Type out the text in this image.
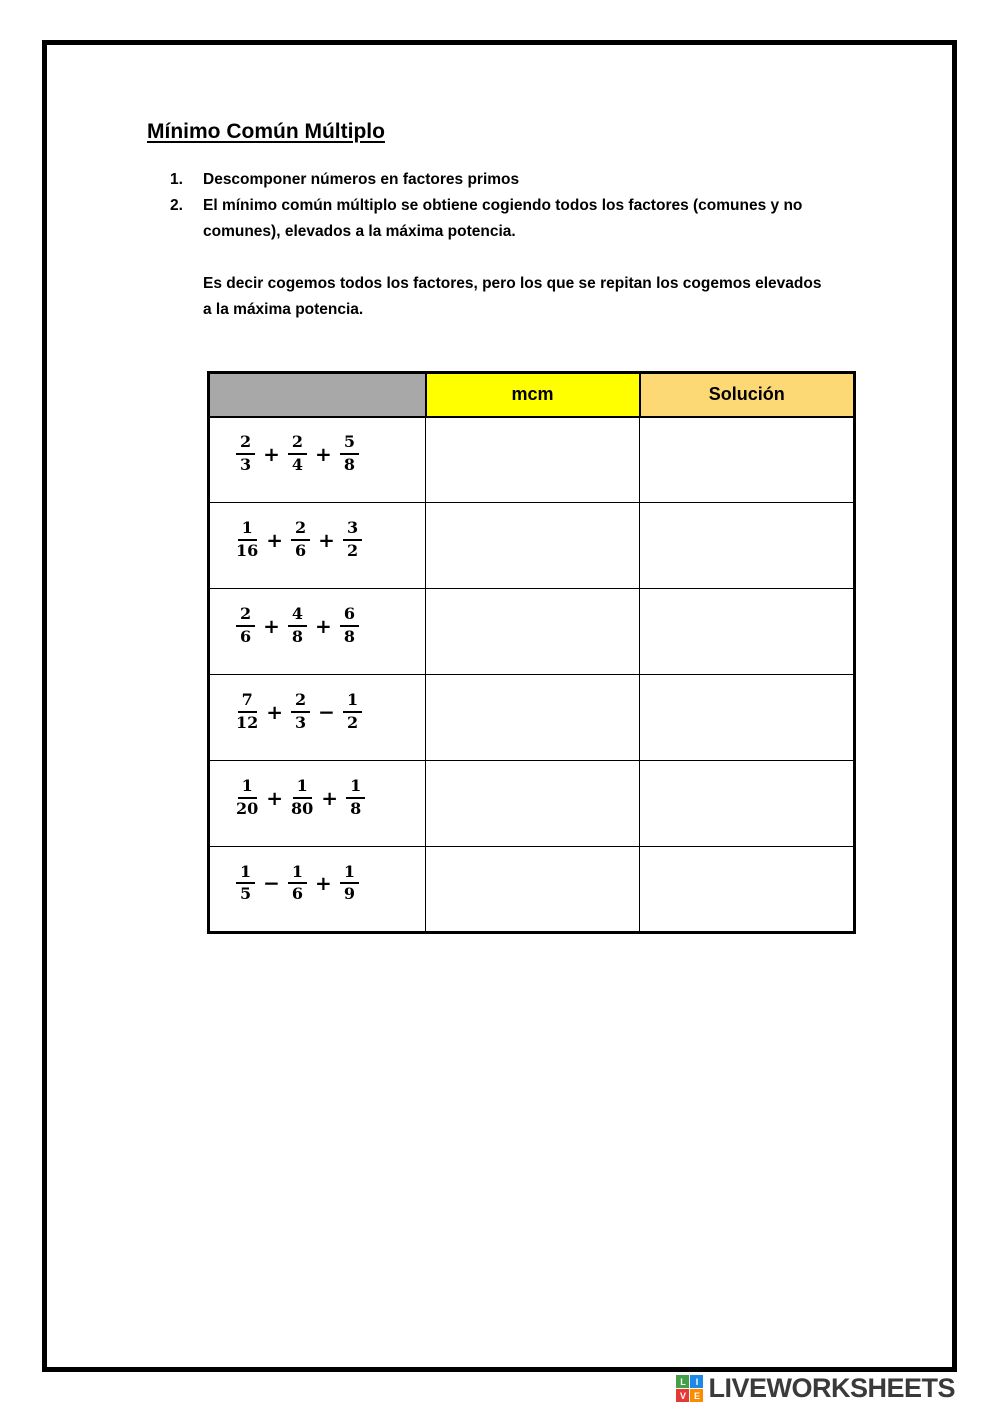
Mínimo Común Múltiplo
1.	Descomponer números en factores primos
2.	El mínimo común múltiplo se obtiene cogiendo todos los factores (comunes y no comunes), elevados a la máxima potencia.

Es decir cogemos todos los factores, pero los que se repitan los cogemos elevados a la máxima potencia.

	mcm	Solución

$\frac{2}{3} + \frac{2}{4} + \frac{5}{8}$

$\frac{1}{16} + \frac{2}{6} + \frac{3}{2}$

$\frac{2}{6} + \frac{4}{8} + \frac{6}{8}$

$\frac{7}{12} + \frac{2}{3} - \frac{1}{2}$

$\frac{1}{20} + \frac{1}{80} + \frac{1}{8}$

$\frac{1}{5} - \frac{1}{6} + \frac{1}{9}$

L	I
V E LIVEWORKSHEETS
